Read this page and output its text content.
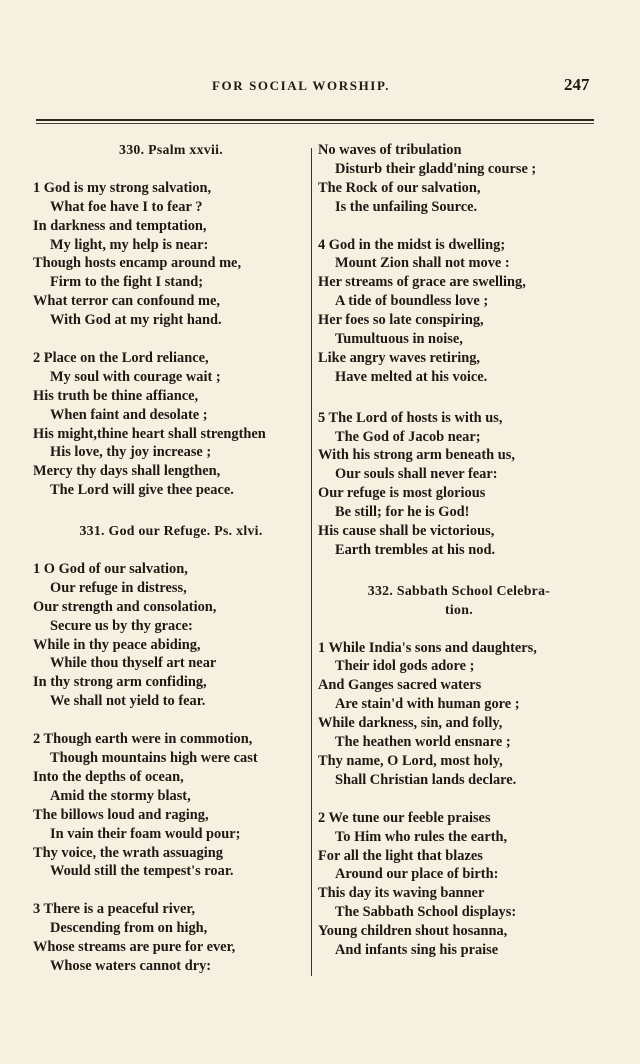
FOR SOCIAL WORSHIP.	247
330. Psalm xxvii.
1 God is my strong salvation,
What foe have I to fear ?
In darkness and temptation,
My light, my help is near:
Though hosts encamp around me,
Firm to the fight I stand;
What terror can confound me,
With God at my right hand.
2 Place on the Lord reliance,
My soul with courage wait ;
His truth be thine affiance,
When faint and desolate ;
His might,thine heart shall strengthen
His love, thy joy increase ;
Mercy thy days shall lengthen,
The Lord will give thee peace.
331. God our Refuge. Ps. xlvi.
1 O God of our salvation,
Our refuge in distress,
Our strength and consolation,
Secure us by thy grace:
While in thy peace abiding,
While thou thyself art near
In thy strong arm confiding,
We shall not yield to fear.
2 Though earth were in commotion,
Though mountains high were cast
Into the depths of ocean,
Amid the stormy blast,
The billows loud and raging,
In vain their foam would pour;
Thy voice, the wrath assuaging
Would still the tempest's roar.
3 There is a peaceful river,
Descending from on high,
Whose streams are pure for ever,
Whose waters cannot dry:
No waves of tribulation
Disturb their gladd'ning course ;
The Rock of our salvation,
Is the unfailing Source.
4 God in the midst is dwelling;
Mount Zion shall not move :
Her streams of grace are swelling,
A tide of boundless love ;
Her foes so late conspiring,
Tumultuous in noise,
Like angry waves retiring,
Have melted at his voice.
5 The Lord of hosts is with us,
The God of Jacob near;
With his strong arm beneath us,
Our souls shall never fear:
Our refuge is most glorious
Be still; for he is God!
His cause shall be victorious,
Earth trembles at his nod.
332. Sabbath School Celebra-
tion.
1 While India's sons and daughters,
Their idol gods adore ;
And Ganges sacred waters
Are stain'd with human gore ;
While darkness, sin, and folly,
The heathen world ensnare ;
Thy name, O Lord, most holy,
Shall Christian lands declare.
2 We tune our feeble praises
To Him who rules the earth,
For all the light that blazes
Around our place of birth:
This day its waving banner
The Sabbath School displays:
Young children shout hosanna,
And infants sing his praise
